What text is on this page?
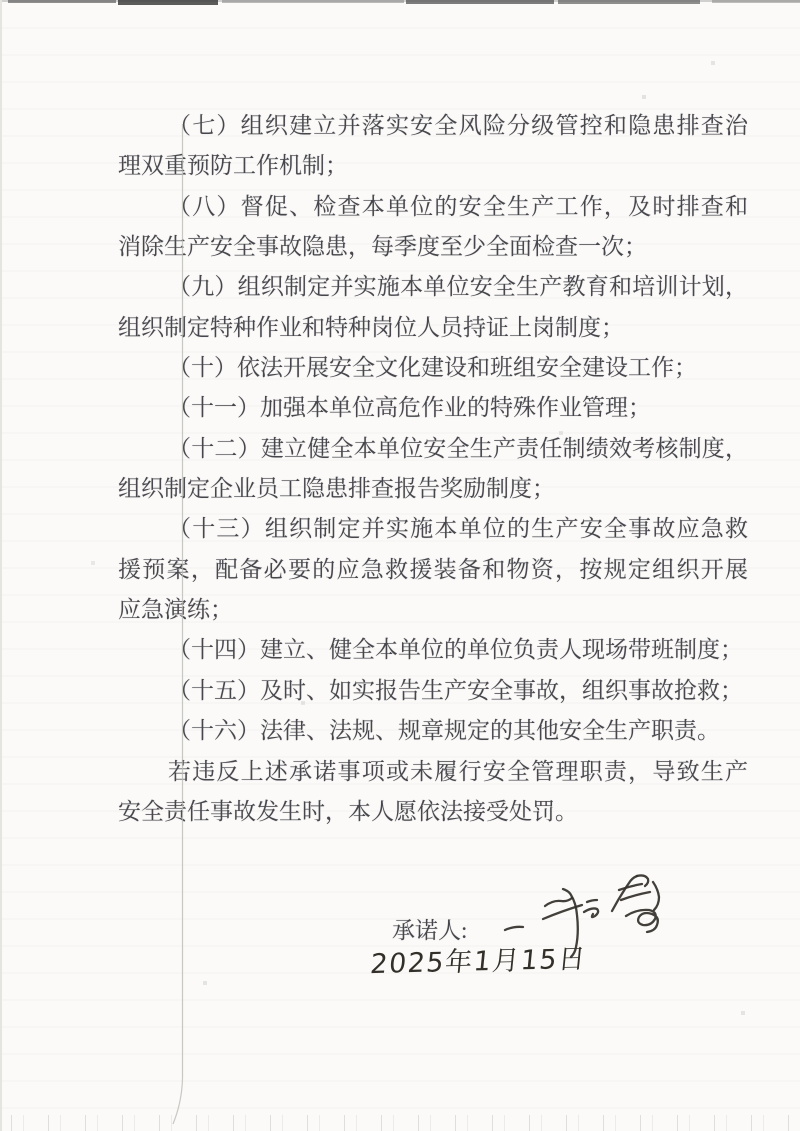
（七）组织建立并落实安全风险分级管控和隐患排查治
理双重预防工作机制；
（八）督促、检查本单位的安全生产工作，及时排查和
消除生产安全事故隐患，每季度至少全面检查一次；
（九）组织制定并实施本单位安全生产教育和培训计划，
组织制定特种作业和特种岗位人员持证上岗制度；
（十）依法开展安全文化建设和班组安全建设工作；
（十一）加强本单位高危作业的特殊作业管理；
（十二）建立健全本单位安全生产责任制绩效考核制度，
组织制定企业员工隐患排查报告奖励制度；
（十三）组织制定并实施本单位的生产安全事故应急救
援预案，配备必要的应急救援装备和物资，按规定组织开展
应急演练；
（十四）建立、健全本单位的单位负责人现场带班制度；
（十五）及时、如实报告生产安全事故，组织事故抢救；
（十六）法律、法规、规章规定的其他安全生产职责。
若违反上述承诺事项或未履行安全管理职责，导致生产
安全责任事故发生时，本人愿依法接受处罚。
承诺人:
2025年1月15日
